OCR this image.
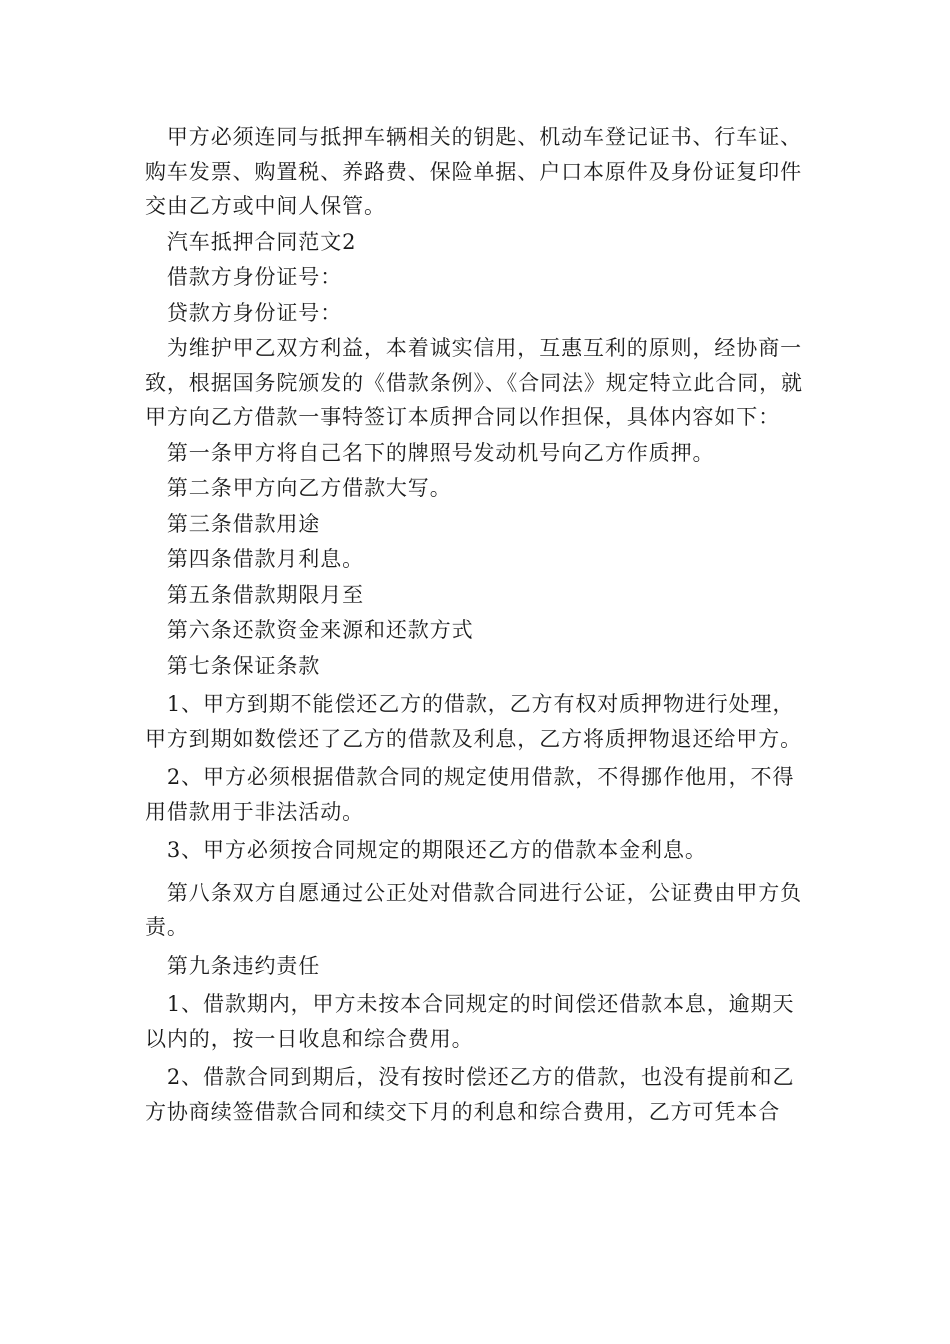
　甲方必须连同与抵押车辆相关的钥匙、机动车登记证书、行车证、购车发票、购置税、养路费、保险单据、户口本原件及身份证复印件交由乙方或中间人保管。

　汽车抵押合同范文2

　借款方身份证号：

　贷款方身份证号：

　为维护甲乙双方利益，本着诚实信用，互惠互利的原则，经协商一致，根据国务院颁发的《借款条例》、《合同法》规定特立此合同，就甲方向乙方借款一事特签订本质押合同以作担保，具体内容如下：

　第一条甲方将自己名下的牌照号发动机号向乙方作质押。

　第二条甲方向乙方借款大写。

　第三条借款用途

　第四条借款月利息。

　第五条借款期限月至

　第六条还款资金来源和还款方式

　第七条保证条款

　1、甲方到期不能偿还乙方的借款，乙方有权对质押物进行处理，甲方到期如数偿还了乙方的借款及利息，乙方将质押物退还给甲方。

　2、甲方必须根据借款合同的规定使用借款，不得挪作他用，不得用借款用于非法活动。

　3、甲方必须按合同规定的期限还乙方的借款本金利息。

　第八条双方自愿通过公正处对借款合同进行公证，公证费由甲方负责。

　第九条违约责任

　1、借款期内，甲方未按本合同规定的时间偿还借款本息，逾期天以内的，按一日收息和综合费用。

　2、借款合同到期后，没有按时偿还乙方的借款，也没有提前和乙方协商续签借款合同和续交下月的利息和综合费用，乙方可凭本合
